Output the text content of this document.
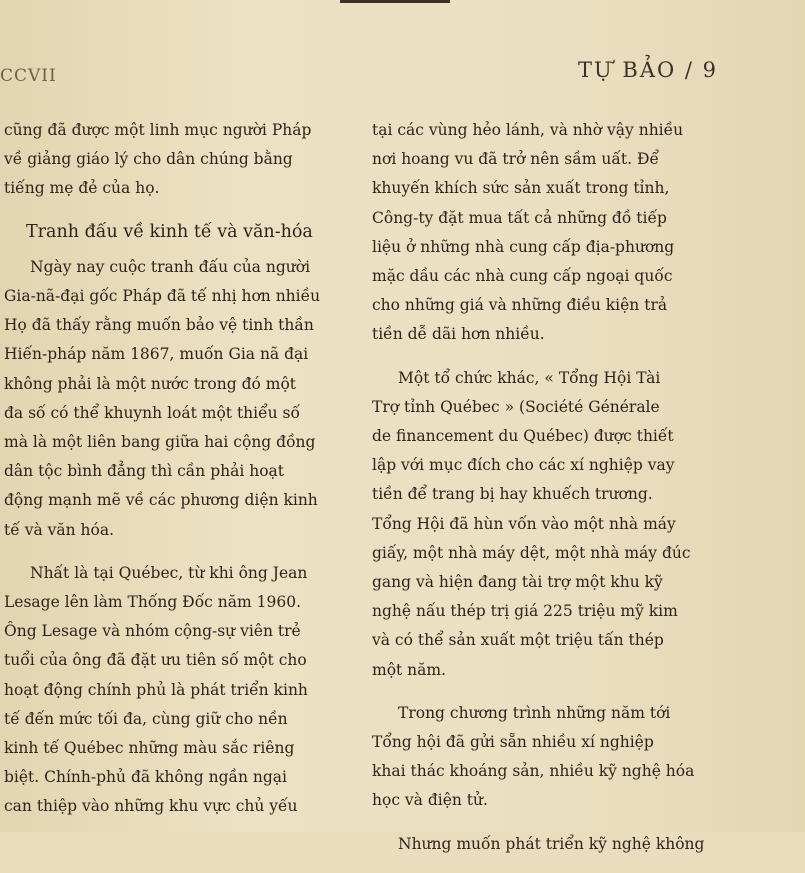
CCVII	TỰ BẢO / 9

cũng đã được một linh mục người Pháp
về giảng giáo lý cho dân chúng bằng
tiếng mẹ đẻ của họ.

Tranh đấu về kinh tế và văn-hóa

Ngày nay cuộc tranh đấu của người
Gia-nã-đại gốc Pháp đã tế nhị hơn nhiều
Họ đã thấy rằng muốn bảo vệ tinh thần
Hiến-pháp năm 1867, muốn Gia nã đại
không phải là một nước trong đó một
đa số có thể khuynh loát một thiểu số
mà là một liên bang giữa hai cộng đồng
dân tộc bình đẳng thì cần phải hoạt
động mạnh mẽ về các phương diện kinh
tế và văn hóa.

Nhất là tại Québec, từ khi ông Jean
Lesage lên làm Thống Đốc năm 1960.
Ông Lesage và nhóm cộng-sự viên trẻ
tuổi của ông đã đặt ưu tiên số một cho
hoạt động chính phủ là phát triển kinh
tế đến mức tối đa, cùng giữ cho nền
kinh tế Québec những màu sắc riêng
biệt. Chính-phủ đã không ngần ngại
can thiệp vào những khu vực chủ yếu

tại các vùng hẻo lánh, và nhờ vậy nhiều
nơi hoang vu đã trở nên sầm uất. Để
khuyến khích sức sản xuất trong tỉnh,
Công-ty đặt mua tất cả những đồ tiếp
liệu ở những nhà cung cấp địa-phương
mặc dầu các nhà cung cấp ngoại quốc
cho những giá và những điều kiện trả
tiền dễ dãi hơn nhiều.

Một tổ chức khác, « Tổng Hội Tài
Trợ tỉnh Québec » (Société Générale
de financement du Québec) được thiết
lập với mục đích cho các xí nghiệp vay
tiền để trang bị hay khuếch trương.
Tổng Hội đã hùn vốn vào một nhà máy
giấy, một nhà máy dệt, một nhà máy đúc
gang và hiện đang tài trợ một khu kỹ
nghệ nấu thép trị giá 225 triệu mỹ kim
và có thể sản xuất một triệu tấn thép
một năm.

Trong chương trình những năm tới
Tổng hội đã gửi sẵn nhiều xí nghiệp
khai thác khoáng sản, nhiều kỹ nghệ hóa
học và điện tử.

Nhưng muốn phát triển kỹ nghệ không
